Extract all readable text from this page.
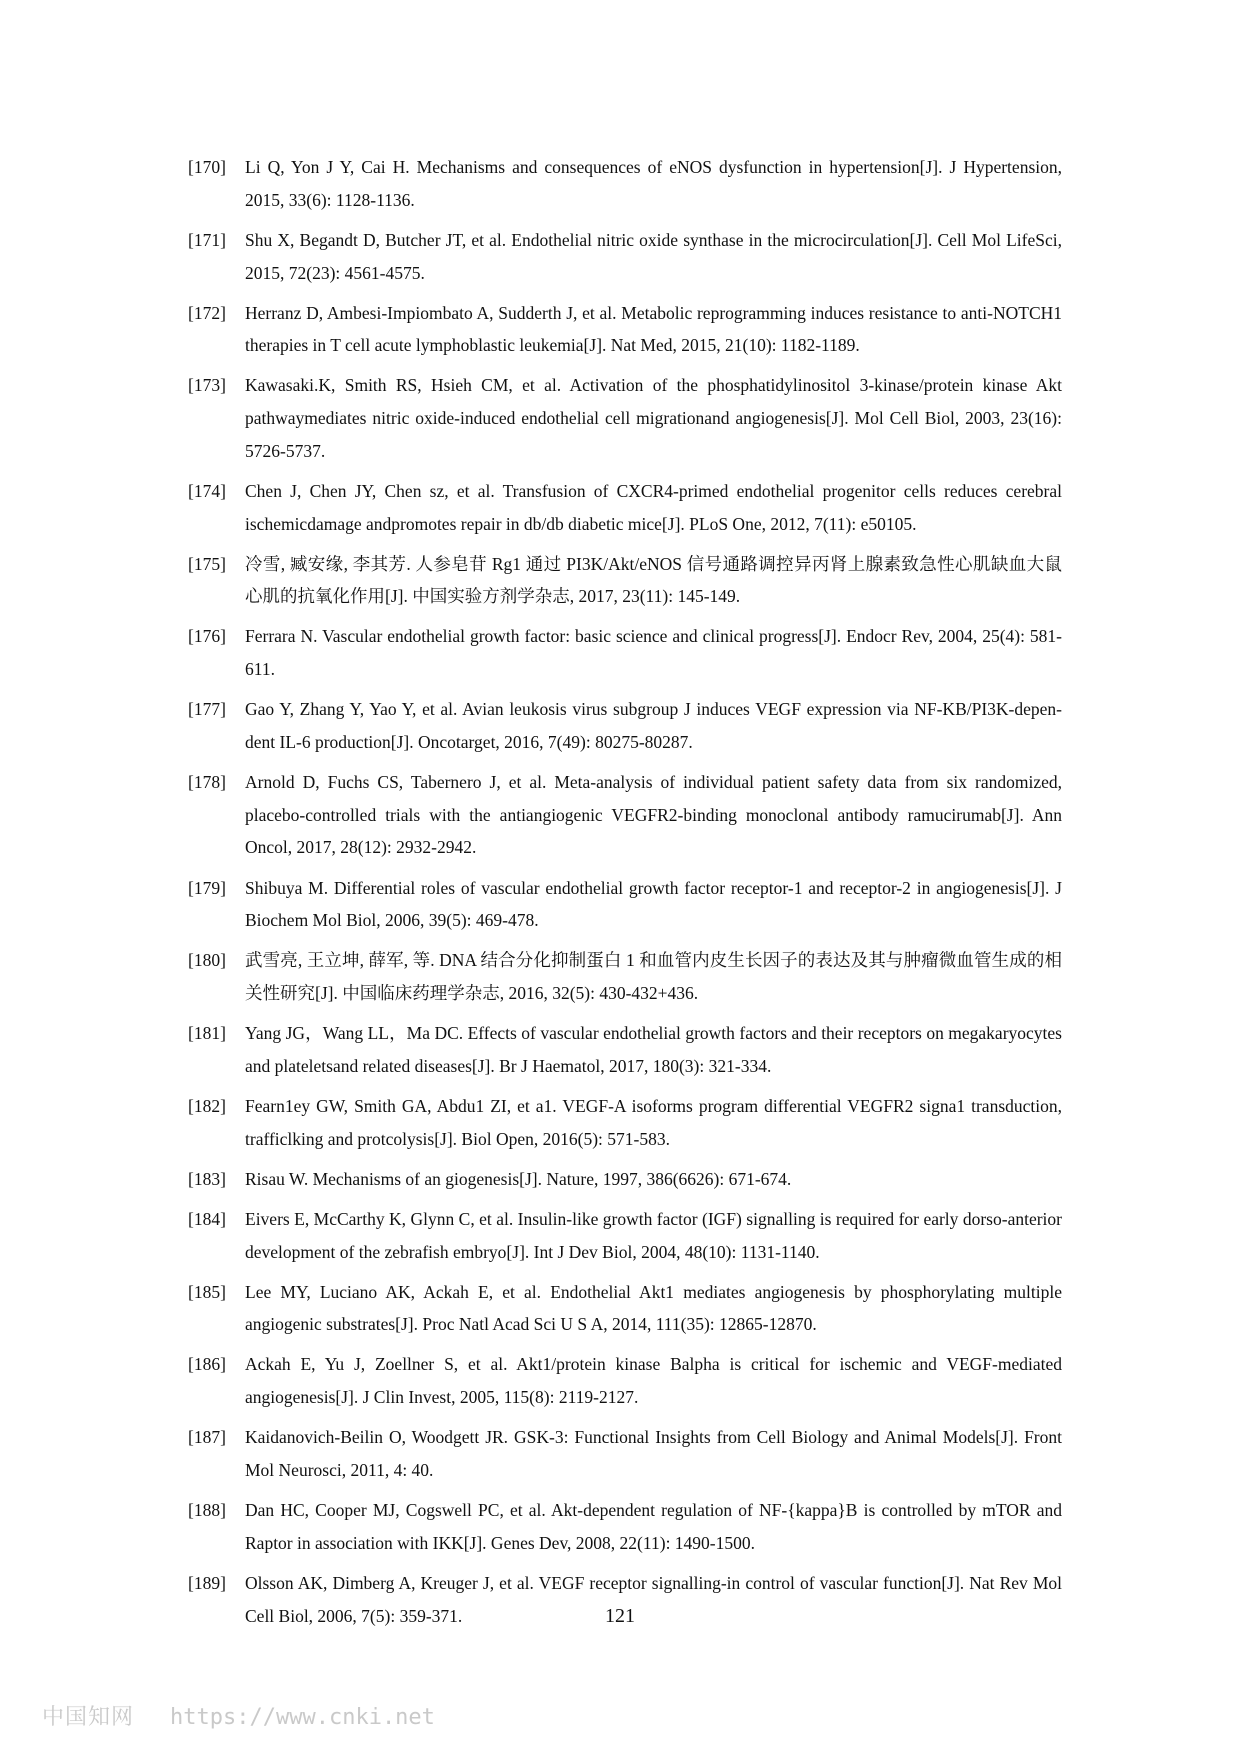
[170]	Li Q, Yon J Y, Cai H. Mechanisms and consequences of eNOS dysfunction in hypertension[J]. J Hypertension, 2015, 33(6): 1128-1136.
[171]	Shu X, Begandt D, Butcher JT, et al. Endothelial nitric oxide synthase in the microcirculation[J]. Cell Mol LifeSci, 2015, 72(23): 4561-4575.
[172]	Herranz D, Ambesi-Impiombato A, Sudderth J, et al. Metabolic reprogramming induces resistance to anti-NOTCH1 therapies in T cell acute lymphoblastic leukemia[J]. Nat Med, 2015, 21(10): 1182-1189.
[173]	Kawasaki.K, Smith RS, Hsieh CM, et al. Activation of the phosphatidylinositol 3-kinase/protein kinase Akt pathwaymediates nitric oxide-induced endothelial cell migrationand angiogenesis[J]. Mol Cell Biol, 2003, 23(16): 5726-5737.
[174]	Chen J, Chen JY, Chen sz, et al. Transfusion of CXCR4-primed endothelial progenitor cells reduces cerebral ischemicdamage andpromotes repair in db/db diabetic mice[J]. PLoS One, 2012, 7(11): e50105.
[175]	冷雪, 臧安缘, 李其芳. 人参皂苷 Rg1 通过 PI3K/Akt/eNOS 信号通路调控异丙肾上腺素致急性心肌缺血大鼠心肌的抗氧化作用[J]. 中国实验方剂学杂志, 2017, 23(11): 145-149.
[176]	Ferrara N. Vascular endothelial growth factor: basic science and clinical progress[J]. Endocr Rev, 2004, 25(4): 581-611.
[177]	Gao Y, Zhang Y, Yao Y, et al. Avian leukosis virus subgroup J induces VEGF expression via NF-KB/PI3K-depen-dent IL-6 production[J]. Oncotarget, 2016, 7(49): 80275-80287.
[178]	Arnold D, Fuchs CS, Tabernero J, et al. Meta-analysis of individual patient safety data from six randomized, placebo-controlled trials with the antiangiogenic VEGFR2-binding monoclonal antibody ramucirumab[J]. Ann Oncol, 2017, 28(12): 2932-2942.
[179]	Shibuya M. Differential roles of vascular endothelial growth factor receptor-1 and receptor-2 in angiogenesis[J]. J Biochem Mol Biol, 2006, 39(5): 469-478.
[180]	武雪亮, 王立坤, 薛军, 等. DNA 结合分化抑制蛋白 1 和血管内皮生长因子的表达及其与肿瘤微血管生成的相关性研究[J]. 中国临床药理学杂志, 2016, 32(5): 430-432+436.
[181]	Yang JG，Wang LL，Ma DC. Effects of vascular endothelial growth factors and their receptors on megakaryocytes and plateletsand related diseases[J]. Br J Haematol, 2017, 180(3): 321-334.
[182]	Fearn1ey GW, Smith GA, Abdu1 ZI, et a1. VEGF-A isoforms program differential VEGFR2 signa1 transduction, trafficlking and protcolysis[J]. Biol Open, 2016(5): 571-583.
[183]	Risau W. Mechanisms of an giogenesis[J]. Nature, 1997, 386(6626): 671-674.
[184]	Eivers E, McCarthy K, Glynn C, et al. Insulin-like growth factor (IGF) signalling is required for early dorso-anterior development of the zebrafish embryo[J]. Int J Dev Biol, 2004, 48(10): 1131-1140.
[185]	Lee MY, Luciano AK, Ackah E, et al. Endothelial Akt1 mediates angiogenesis by phosphorylating multiple angiogenic substrates[J]. Proc Natl Acad Sci U S A, 2014, 111(35): 12865-12870.
[186]	Ackah E, Yu J, Zoellner S, et al. Akt1/protein kinase Balpha is critical for ischemic and VEGF-mediated angiogenesis[J]. J Clin Invest, 2005, 115(8): 2119-2127.
[187]	Kaidanovich-Beilin O, Woodgett JR. GSK-3: Functional Insights from Cell Biology and Animal Models[J]. Front Mol Neurosci, 2011, 4: 40.
[188]	Dan HC, Cooper MJ, Cogswell PC, et al. Akt-dependent regulation of NF-{kappa}B is controlled by mTOR and Raptor in association with IKK[J]. Genes Dev, 2008, 22(11): 1490-1500.
[189]	Olsson AK, Dimberg A, Kreuger J, et al. VEGF receptor signalling-in control of vascular function[J]. Nat Rev Mol Cell Biol, 2006, 7(5): 359-371.	121
中国知网 https://www.cnki.net
